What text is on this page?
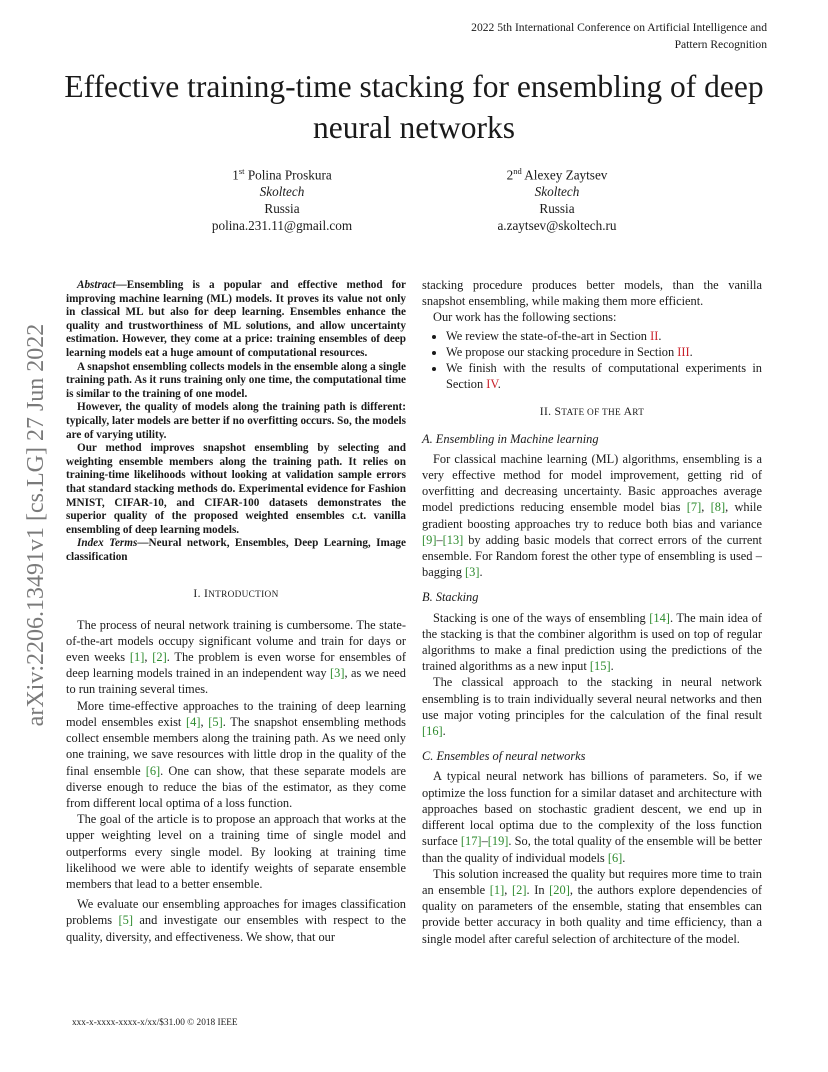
2022 5th International Conference on Artificial Intelligence and
Pattern Recognition
Effective training-time stacking for ensembling of deep neural networks
1st Polina Proskura
Skoltech
Russia
polina.231.11@gmail.com
2nd Alexey Zaytsev
Skoltech
Russia
a.zaytsev@skoltech.ru
arXiv:2206.13491v1 [cs.LG] 27 Jun 2022

Abstract—Ensembling is a popular and effective method for improving machine learning (ML) models. It proves its value not only in classical ML but also for deep learning. Ensembles enhance the quality and trustworthiness of ML solutions, and allow uncertainty estimation. However, they come at a price: training ensembles of deep learning models eat a huge amount of computational resources.

A snapshot ensembling collects models in the ensemble along a single training path. As it runs training only one time, the computational time is similar to the training of one model.

However, the quality of models along the training path is different: typically, later models are better if no overfitting occurs. So, the models are of varying utility.

Our method improves snapshot ensembling by selecting and weighting ensemble members along the training path. It relies on training-time likelihoods without looking at validation sample errors that standard stacking methods do. Experimental evidence for Fashion MNIST, CIFAR-10, and CIFAR-100 datasets demonstrates the superior quality of the proposed weighted ensembles c.t. vanilla ensembling of deep learning models.

Index Terms—Neural network, Ensembles, Deep Learning, Image classification

I. INTRODUCTION

The process of neural network training is cumbersome. The state-of-the-art models occupy significant volume and train for days or even weeks [1], [2]. The problem is even worse for ensembles of deep learning models trained in an independent way [3], as we need to run training several times.

More time-effective approaches to the training of deep learning model ensembles exist [4], [5]. The snapshot ensembling methods collect ensemble members along the training path. As we need only one training, we save resources with little drop in the quality of the final ensemble [6]. One can show, that these separate models are diverse enough to reduce the bias of the estimator, as they come from different local optima of a loss function.

The goal of the article is to propose an approach that works at the upper weighting level on a training time of single model and outperforms every single model. By looking at training time likelihood we were able to identify weights of separate ensemble members that lead to a better ensemble.

We evaluate our ensembling approaches for images classification problems [5] and investigate our ensembles with respect to the quality, diversity, and effectiveness. We show, that our

stacking procedure produces better models, than the vanilla snapshot ensembling, while making them more efficient.

Our work has the following sections:

• We review the state-of-the-art in Section II.
• We propose our stacking procedure in Section III.
• We finish with the results of computational experiments in Section IV.
II. STATE OF THE ART
A. Ensembling in Machine learning

For classical machine learning (ML) algorithms, ensembling is a very effective method for model improvement, getting rid of overfitting and decreasing uncertainty. Basic approaches average model predictions reducing ensemble model bias [7], [8], while gradient boosting approaches try to reduce both bias and variance [9]–[13] by adding basic models that correct errors of the current ensemble. For Random forest the other type of ensembling is used – bagging [3].

B. Stacking

Stacking is one of the ways of ensembling [14]. The main idea of the stacking is that the combiner algorithm is used on top of regular algorithms to make a final prediction using the predictions of the trained algorithms as a new input [15].

The classical approach to the stacking in neural network ensembling is to train individually several neural networks and then use major voting principles for the calculation of the final result [16].

C. Ensembles of neural networks

A typical neural network has billions of parameters. So, if we optimize the loss function for a similar dataset and architecture with approaches based on stochastic gradient descent, we end up in different local optima due to the complexity of the loss function surface [17]–[19]. So, the total quality of the ensemble will be better than the quality of individual models [6].

This solution increased the quality but requires more time to train an ensemble [1], [2]. In [20], the authors explore dependencies of quality on parameters of the ensemble, stating that ensembles can provide better accuracy in both quality and time efficiency, than a single model after careful selection of architecture of the model.

xxx-x-xxxx-xxxx-x/xx/$31.00 © 2018 IEEE
